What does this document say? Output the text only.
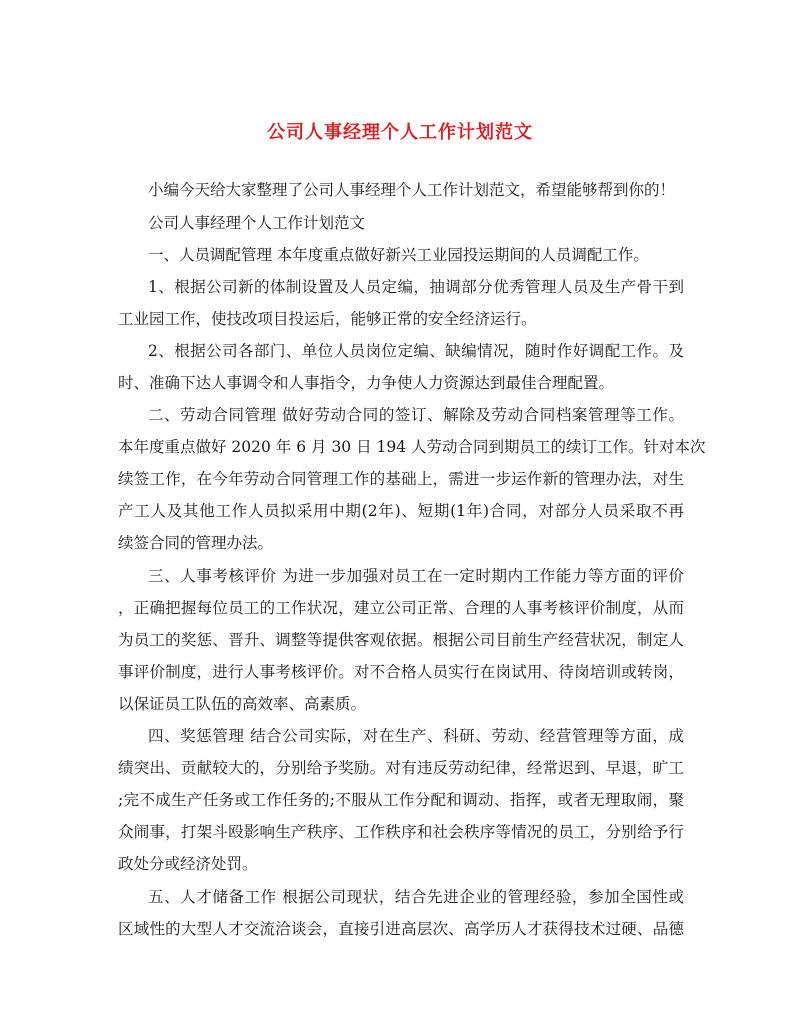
公司人事经理个人工作计划范文
小编今天给大家整理了公司人事经理个人工作计划范文，希望能够帮到你的！
公司人事经理个人工作计划范文
一、人员调配管理 本年度重点做好新兴工业园投运期间的人员调配工作。
1、根据公司新的体制设置及人员定编，抽调部分优秀管理人员及生产骨干到
工业园工作，使技改项目投运后，能够正常的安全经济运行。
2、根据公司各部门、单位人员岗位定编、缺编情况，随时作好调配工作。及
时、准确下达人事调令和人事指令，力争使人力资源达到最佳合理配置。
二、劳动合同管理 做好劳动合同的签订、解除及劳动合同档案管理等工作。
本年度重点做好 2020 年 6 月 30 日 194 人劳动合同到期员工的续订工作。针对本次
续签工作，在今年劳动合同管理工作的基础上，需进一步运作新的管理办法，对生
产工人及其他工作人员拟采用中期(2年)、短期(1年)合同，对部分人员采取不再
续签合同的管理办法。
三、人事考核评价 为进一步加强对员工在一定时期内工作能力等方面的评价
，正确把握每位员工的工作状况，建立公司正常、合理的人事考核评价制度，从而
为员工的奖惩、晋升、调整等提供客观依据。根据公司目前生产经营状况，制定人
事评价制度，进行人事考核评价。对不合格人员实行在岗试用、待岗培训或转岗，
以保证员工队伍的高效率、高素质。
四、奖惩管理 结合公司实际，对在生产、科研、劳动、经营管理等方面，成
绩突出、贡献较大的，分别给予奖励。对有违反劳动纪律，经常迟到、早退，旷工
;完不成生产任务或工作任务的;不服从工作分配和调动、指挥，或者无理取闹，聚
众闹事，打架斗殴影响生产秩序、工作秩序和社会秩序等情况的员工，分别给予行
政处分或经济处罚。
五、人才储备工作 根据公司现状，结合先进企业的管理经验，参加全国性或
区域性的大型人才交流洽谈会，直接引进高层次、高学历人才获得技术过硬、品德
